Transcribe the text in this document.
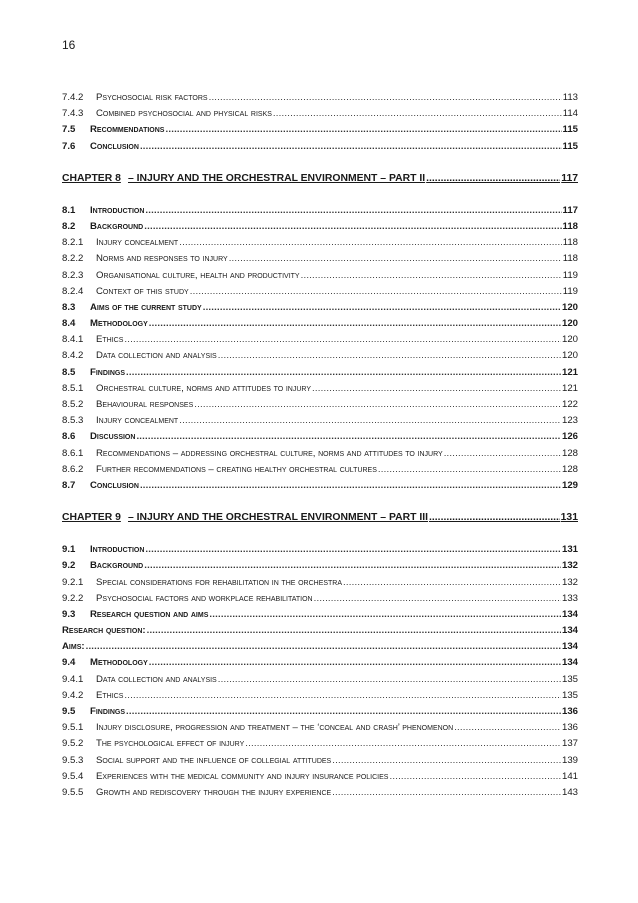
16
7.4.2	Psychosocial risk factors .....	113
7.4.3	Combined psychosocial and physical risks .....	114
7.5	Recommendations .....	115
7.6	Conclusion .....	115
CHAPTER 8 – INJURY AND THE ORCHESTRAL ENVIRONMENT – PART II .....	117
8.1	Introduction .....	117
8.2	Background .....	118
8.2.1	Injury concealment .....	118
8.2.2	Norms and responses to injury .....	118
8.2.3	Organisational culture, health and productivity .....	119
8.2.4	Context of this study .....	119
8.3	Aims of the current study .....	120
8.4	Methodology .....	120
8.4.1	Ethics .....	120
8.4.2	Data collection and analysis .....	120
8.5	Findings .....	121
8.5.1	Orchestral culture, norms and attitudes to injury .....	121
8.5.2	Behavioural responses .....	122
8.5.3	Injury concealment .....	123
8.6	Discussion .....	126
8.6.1	Recommendations – addressing orchestral culture, norms and attitudes to injury .....	128
8.6.2	Further recommendations – creating healthy orchestral cultures .....	128
8.7	Conclusion .....	129
CHAPTER 9 – INJURY AND THE ORCHESTRAL ENVIRONMENT – PART III .....	131
9.1	Introduction .....	131
9.2	Background .....	132
9.2.1	Special considerations for rehabilitation in the orchestra .....	132
9.2.2	Psychosocial factors and workplace rehabilitation .....	133
9.3	Research question and aims .....	134
Research question: .....	134
Aims: .....	134
9.4	Methodology .....	134
9.4.1	Data collection and analysis .....	135
9.4.2	Ethics .....	135
9.5	Findings .....	136
9.5.1	Injury disclosure, progression and treatment – the ‘conceal and crash’ phenomenon .....	136
9.5.2	The psychological effect of injury .....	137
9.5.3	Social support and the influence of collegial attitudes .....	139
9.5.4	Experiences with the medical community and injury insurance policies .....	141
9.5.5	Growth and rediscovery through the injury experience .....	143
